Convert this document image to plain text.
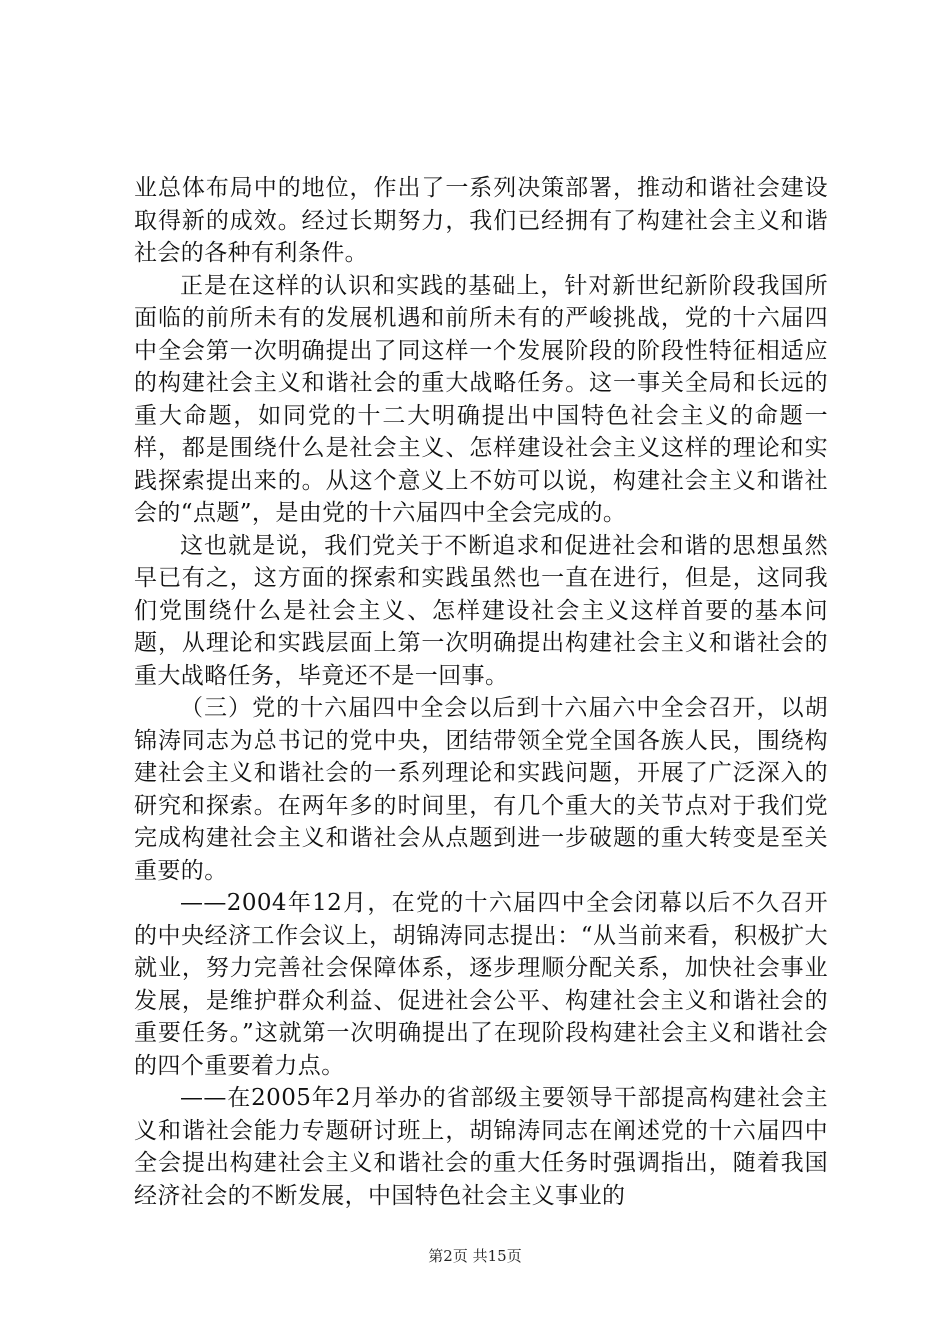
业总体布局中的地位，作出了一系列决策部署，推动和谐社会建设取得新的成效。经过长期努力，我们已经拥有了构建社会主义和谐社会的各种有利条件。

正是在这样的认识和实践的基础上，针对新世纪新阶段我国所面临的前所未有的发展机遇和前所未有的严峻挑战，党的十六届四中全会第一次明确提出了同这样一个发展阶段的阶段性特征相适应的构建社会主义和谐社会的重大战略任务。这一事关全局和长远的重大命题，如同党的十二大明确提出中国特色社会主义的命题一样，都是围绕什么是社会主义、怎样建设社会主义这样的理论和实践探索提出来的。从这个意义上不妨可以说，构建社会主义和谐社会的“点题”，是由党的十六届四中全会完成的。

这也就是说，我们党关于不断追求和促进社会和谐的思想虽然早已有之，这方面的探索和实践虽然也一直在进行，但是，这同我们党围绕什么是社会主义、怎样建设社会主义这样首要的基本问题，从理论和实践层面上第一次明确提出构建社会主义和谐社会的重大战略任务，毕竟还不是一回事。

（三）党的十六届四中全会以后到十六届六中全会召开，以胡锦涛同志为总书记的党中央，团结带领全党全国各族人民，围绕构建社会主义和谐社会的一系列理论和实践问题，开展了广泛深入的研究和探索。在两年多的时间里，有几个重大的关节点对于我们党完成构建社会主义和谐社会从点题到进一步破题的重大转变是至关重要的。

——2004年12月，在党的十六届四中全会闭幕以后不久召开的中央经济工作会议上，胡锦涛同志提出：“从当前来看，积极扩大就业，努力完善社会保障体系，逐步理顺分配关系，加快社会事业发展，是维护群众利益、促进社会公平、构建社会主义和谐社会的重要任务。”这就第一次明确提出了在现阶段构建社会主义和谐社会的四个重要着力点。

——在2005年2月举办的省部级主要领导干部提高构建社会主义和谐社会能力专题研讨班上，胡锦涛同志在阐述党的十六届四中全会提出构建社会主义和谐社会的重大任务时强调指出，随着我国经济社会的不断发展，中国特色社会主义事业的

第2页 共15页
